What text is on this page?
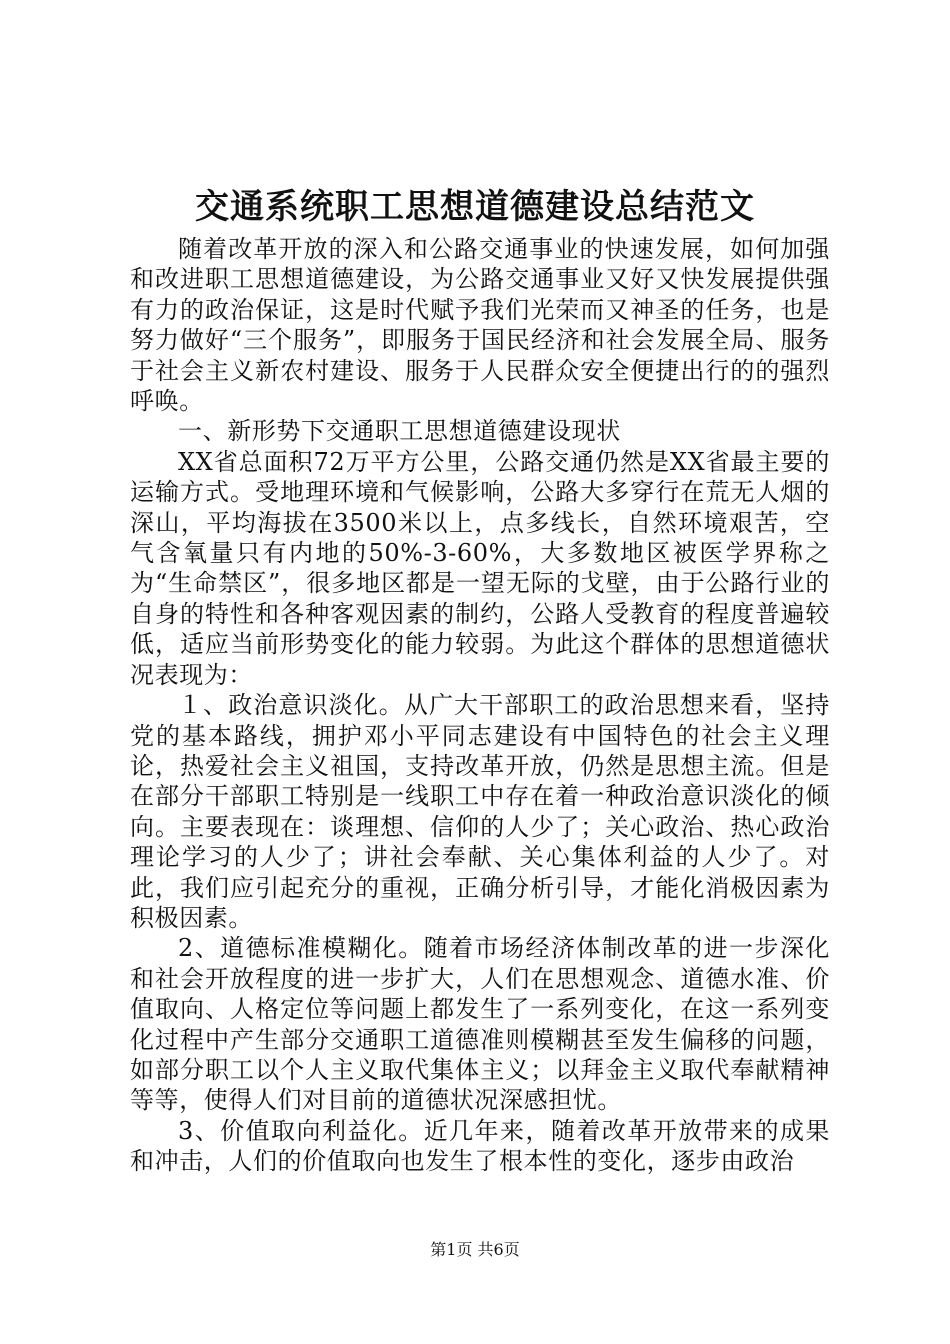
交通系统职工思想道德建设总结范文

随着改革开放的深入和公路交通事业的快速发展，如何加强和改进职工思想道德建设，为公路交通事业又好又快发展提供强有力的政治保证，这是时代赋予我们光荣而又神圣的任务，也是努力做好“三个服务”，即服务于国民经济和社会发展全局、服务于社会主义新农村建设、服务于人民群众安全便捷出行的的强烈呼唤。

一、新形势下交通职工思想道德建设现状

XX省总面积72万平方公里，公路交通仍然是XX省最主要的运输方式。受地理环境和气候影响，公路大多穿行在荒无人烟的深山，平均海拔在3500米以上，点多线长，自然环境艰苦，空气含氧量只有内地的50%-3-60%，大多数地区被医学界称之为“生命禁区”，很多地区都是一望无际的戈壁，由于公路行业的自身的特性和各种客观因素的制约，公路人受教育的程度普遍较低，适应当前形势变化的能力较弱。为此这个群体的思想道德状况表现为：

１、政治意识淡化。从广大干部职工的政治思想来看，坚持党的基本路线，拥护邓小平同志建设有中国特色的社会主义理论，热爱社会主义祖国，支持改革开放，仍然是思想主流。但是在部分干部职工特别是一线职工中存在着一种政治意识淡化的倾向。主要表现在：谈理想、信仰的人少了；关心政治、热心政治理论学习的人少了；讲社会奉献、关心集体利益的人少了。对此，我们应引起充分的重视，正确分析引导，才能化消极因素为积极因素。

2、道德标准模糊化。随着市场经济体制改革的进一步深化和社会开放程度的进一步扩大，人们在思想观念、道德水准、价值取向、人格定位等问题上都发生了一系列变化，在这一系列变化过程中产生部分交通职工道德准则模糊甚至发生偏移的问题，如部分职工以个人主义取代集体主义；以拜金主义取代奉献精神等等，使得人们对目前的道德状况深感担忧。

3、价值取向利益化。近几年来，随着改革开放带来的成果和冲击，人们的价值取向也发生了根本性的变化，逐步由政治

第1页 共6页
